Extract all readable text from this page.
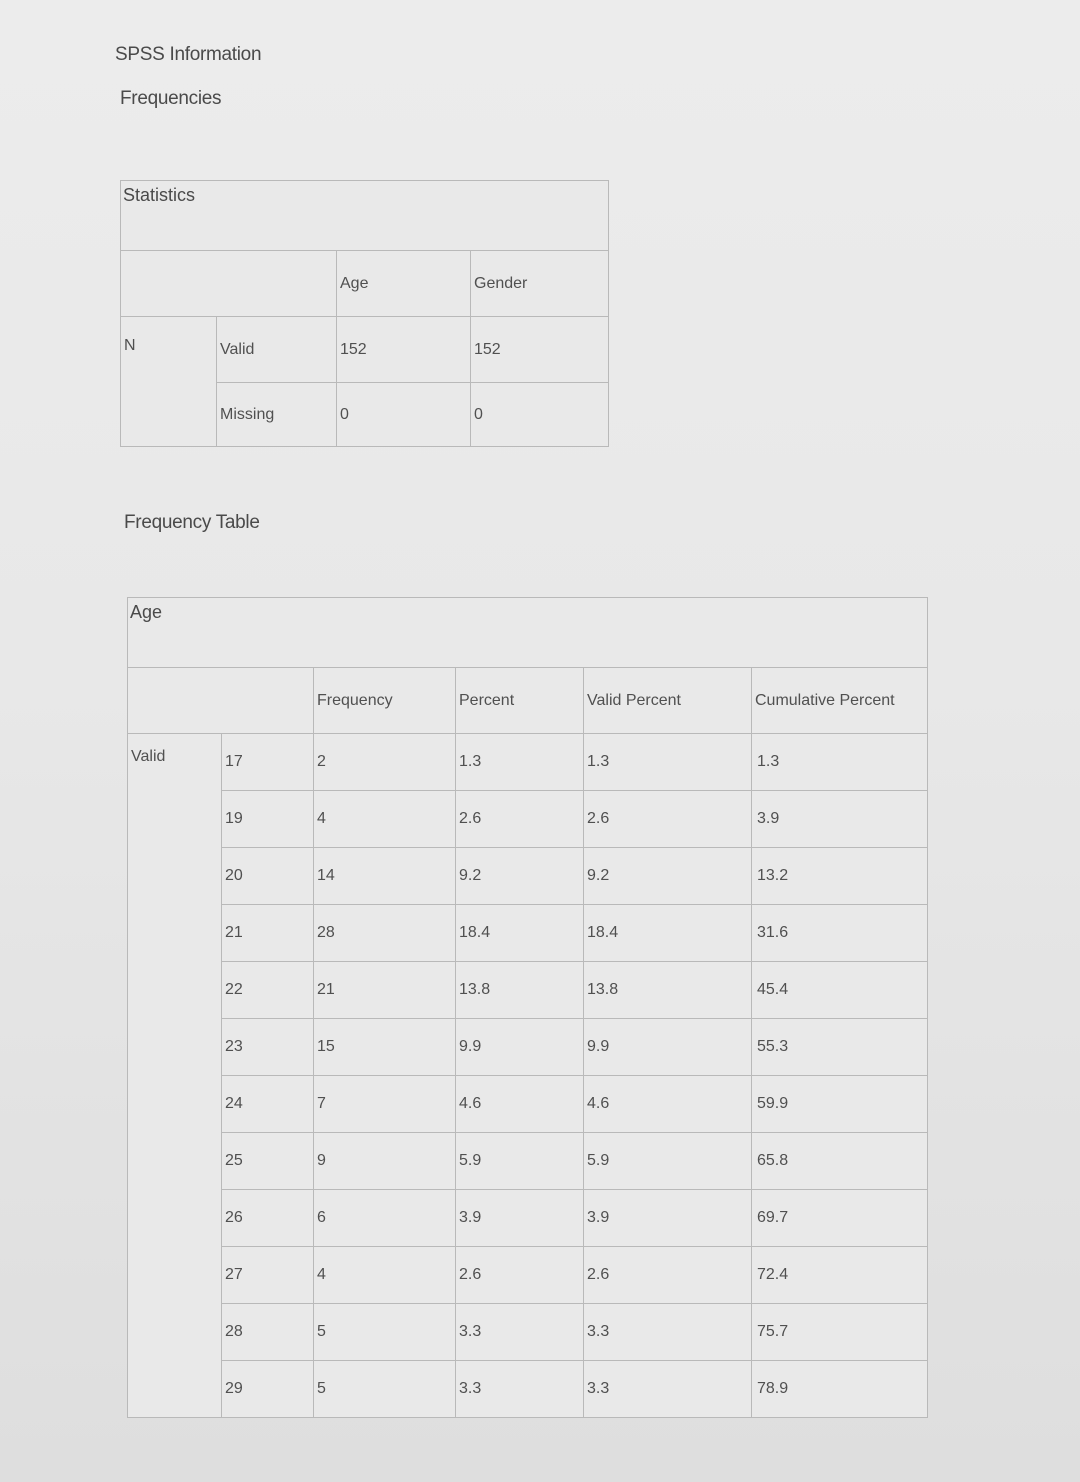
SPSS Information
Frequencies
Statistics			
		Age	Gender
N	Valid	152	152
	Missing	0	0
Frequency Table
Age					
		Frequency	Percent	Valid Percent	Cumulative Percent
Valid	17	2	1.3	1.3	1.3
	19	4	2.6	2.6	3.9
	20	14	9.2	9.2	13.2
	21	28	18.4	18.4	31.6
	22	21	13.8	13.8	45.4
	23	15	9.9	9.9	55.3
	24	7	4.6	4.6	59.9
	25	9	5.9	5.9	65.8
	26	6	3.9	3.9	69.7
	27	4	2.6	2.6	72.4
	28	5	3.3	3.3	75.7
	29	5	3.3	3.3	78.9
